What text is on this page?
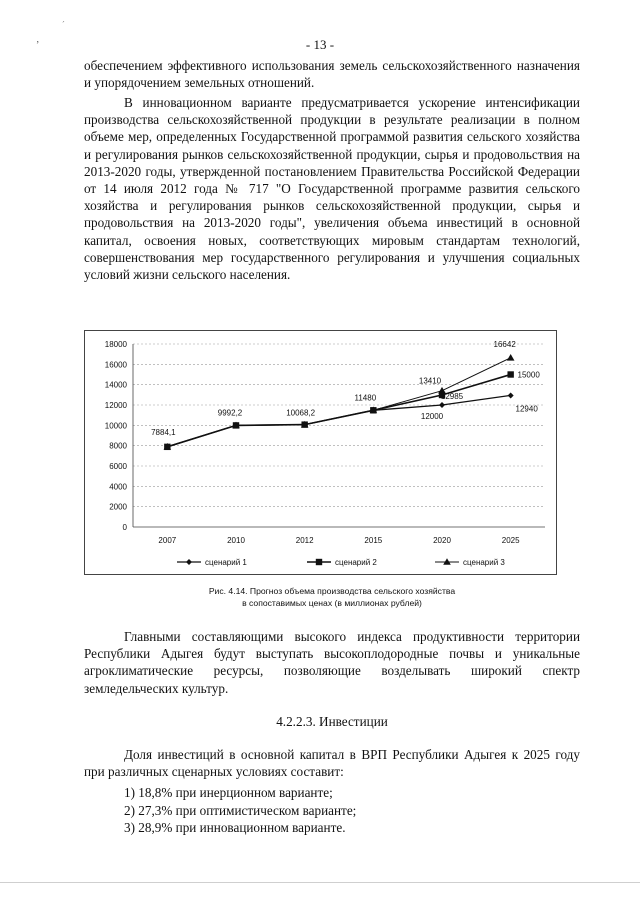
´
ʼ	- 13 -

обеспечением эффективного использования земель сельскохозяйственного назначения и упорядочением земельных отношений.

В инновационном варианте предусматривается ускорение интенсификации производства сельскохозяйственной продукции в результате реализации в полном объеме мер, определенных Государственной программой развития сельского хозяйства и регулирования рынков сельскохозяйственной продукции, сырья и продовольствия на 2013-2020 годы, утвержденной постановлением Правительства Российской Федерации от 14 июля 2012 года № 717 "О Государственной программе развития сельского хозяйства и регулирования рынков сельскохозяйственной продукции, сырья и продовольствия на 2013-2020 годы", увеличения объема инвестиций в основной капитал, освоения новых, соответствующих мировым стандартам технологий, совершенствования мер государственного регулирования и улучшения социальных условий жизни сельского населения.

0
2000
4000
6000
8000
10000
12000
14000
16000
18000
2007	2010	2012	2015	2020	2025
7884,1
9992,2	10068,2
11480
13410
12985
12000
16642
15000
12940
сценарий 1	сценарий 2	сценарий 3
Рис. 4.14. Прогноз объема производства сельского хозяйства
в сопоставимых ценах (в миллионах рублей)

Главными составляющими высокого индекса продуктивности территории Республики Адыгея будут выступать высокоплодородные почвы и уникальные агроклиматические ресурсы, позволяющие возделывать широкий спектр земледельческих культур.

4.2.2.3. Инвестиции

Доля инвестиций в основной капитал в ВРП Республики Адыгея к 2025 году при различных сценарных условиях составит:

1) 18,8% при инерционном варианте;
2) 27,3% при оптимистическом варианте;
3) 28,9% при инновационном варианте.
